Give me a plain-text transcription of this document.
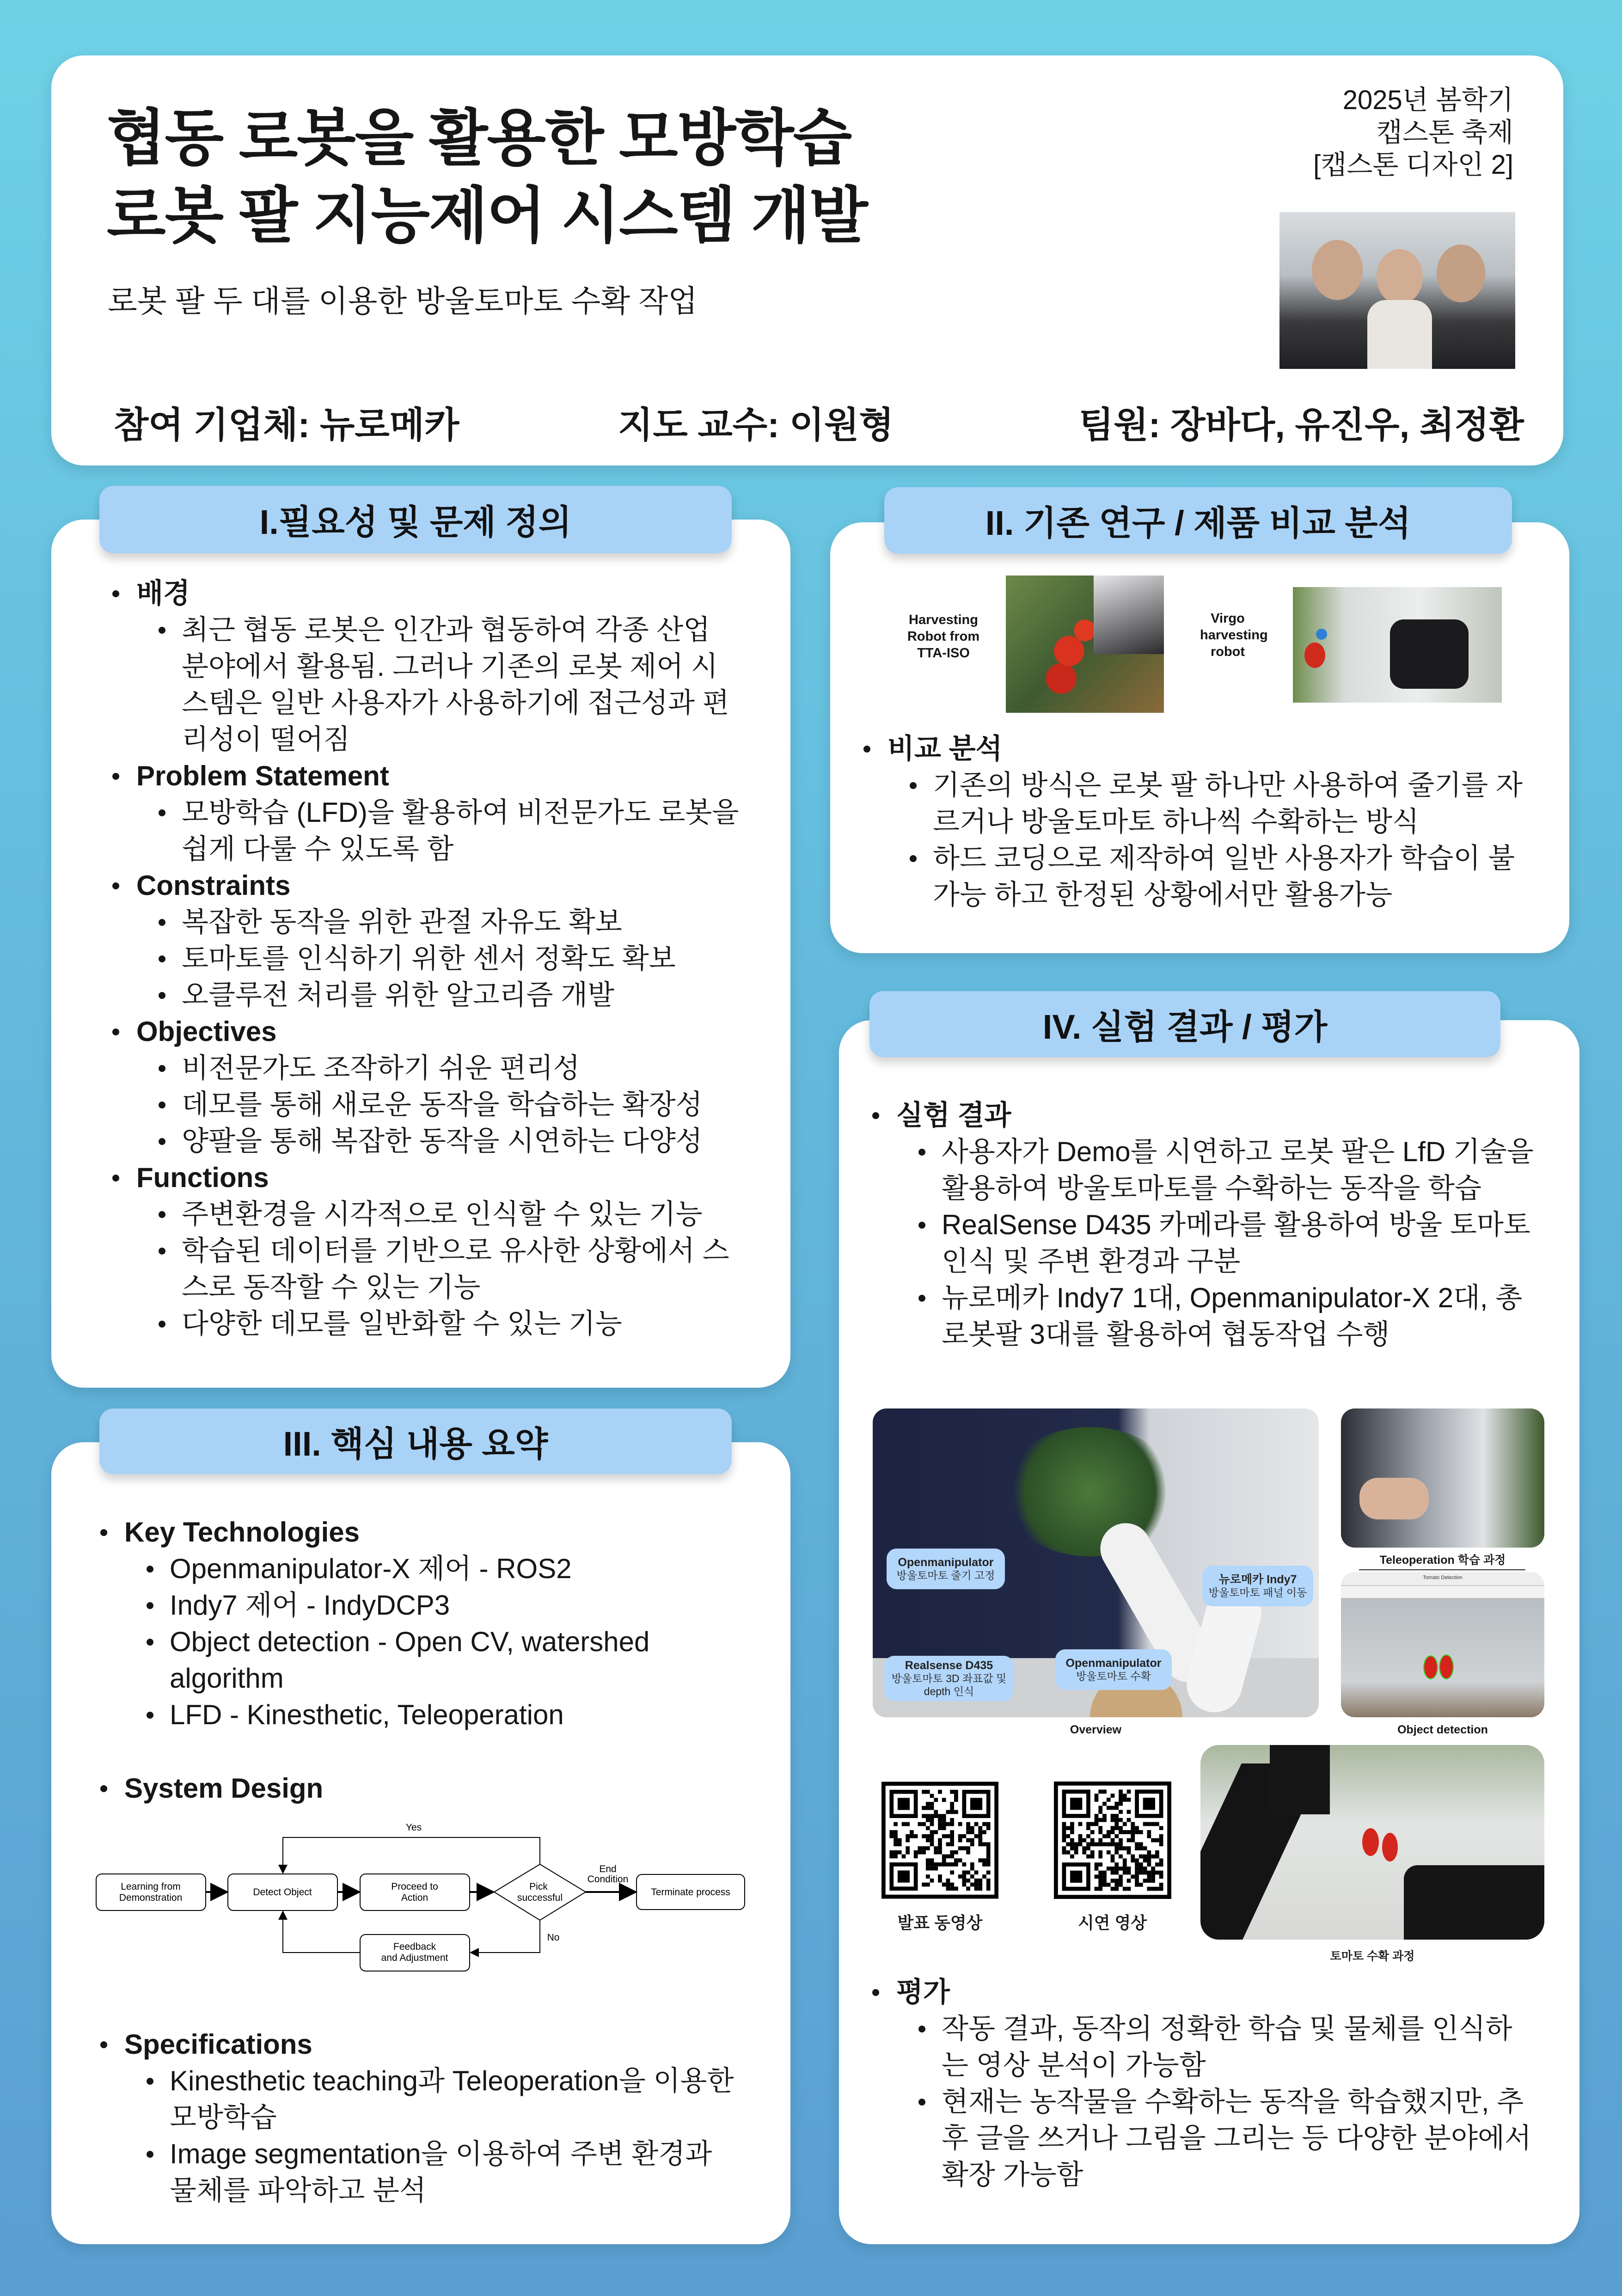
협동 로봇을 활용한 모방학습
로봇 팔 지능제어 시스템 개발
로봇 팔 두 대를 이용한 방울토마토 수확 작업
2025년 봄학기
캡스톤 축제
[캡스톤 디자인 2]
참여 기업체: 뉴로메카	지도 교수: 이원형	팀원: 장바다, 유진우, 최정환
배경
최근 협동 로봇은 인간과 협동하여 각종 산업 분야에서 활용됨. 그러나 기존의 로봇 제어 시스템은 일반 사용자가 사용하기에 접근성과 편리성이 떨어짐
Problem Statement
모방학습 (LFD)을 활용하여 비전문가도 로봇을 쉽게 다룰 수 있도록 함
Constraints
복잡한 동작을 위한 관절 자유도 확보
토마토를 인식하기 위한 센서 정확도 확보
오클루전 처리를 위한 알고리즘 개발
Objectives
비전문가도 조작하기 쉬운 편리성
데모를 통해 새로운 동작을 학습하는 확장성
양팔을 통해 복잡한 동작을 시연하는 다양성
Functions
주변환경을 시각적으로 인식할 수 있는 기능
학습된 데이터를 기반으로 유사한 상황에서 스스로 동작할 수 있는 기능
다양한 데모를 일반화할 수 있는 기능
I.필요성 및 문제 정의
Harvesting Robot from TTA-ISO
Virgo harvesting robot
비교 분석
기존의 방식은 로봇 팔 하나만 사용하여 줄기를 자르거나 방울토마토 하나씩 수확하는 방식
하드 코딩으로 제작하여 일반 사용자가 학습이 불가능 하고 한정된 상황에서만 활용가능
II. 기존 연구 / 제품 비교 분석
Key Technologies
Openmanipulator-X 제어 - ROS2
Indy7 제어 - IndyDCP3
Object detection - Open CV, watershed algorithm
LFD - Kinesthetic, Teleoperation
System Design
Specifications
Kinesthetic teaching과 Teleoperation을 이용한 모방학습
Image segmentation을 이용하여 주변 환경과 물체를 파악하고 분석
III. 핵심 내용 요약
Learning from
Demonstration
Detect Object
Proceed to
Action
Pick
successful
End
Condition
Terminate process
Feedback
and Adjustment
Yes
No
실험 결과
사용자가 Demo를 시연하고 로봇 팔은 LfD 기술을 활용하여 방울토마토를 수확하는 동작을 학습
RealSense D435 카메라를 활용하여 방울 토마토 인식 및 주변 환경과 구분
뉴로메카 Indy7 1대, Openmanipulator-X 2대, 총 로봇팔 3대를 활용하여 협동작업 수행
평가
작동 결과, 동작의 정확한 학습 및 물체를 인식하는 영상 분석이 가능함
현재는 농작물을 수확하는 동작을 학습했지만, 추후 글을 쓰거나 그림을 그리는 등 다양한 분야에서 확장 가능함
IV. 실험 결과 / 평가
Openmanipulator
방울토마토 줄기 고정	뉴로메카 Indy7
방울토마토 패널 이동
Realsense D435
방울토마토 3D 좌표값 및 depth 인식
Openmanipulator
방울토마토 수확
Overview
Teleoperation 학습 과정
Tomato Detection
Object detection
발표 동영상	시연 영상
토마토 수확 과정
